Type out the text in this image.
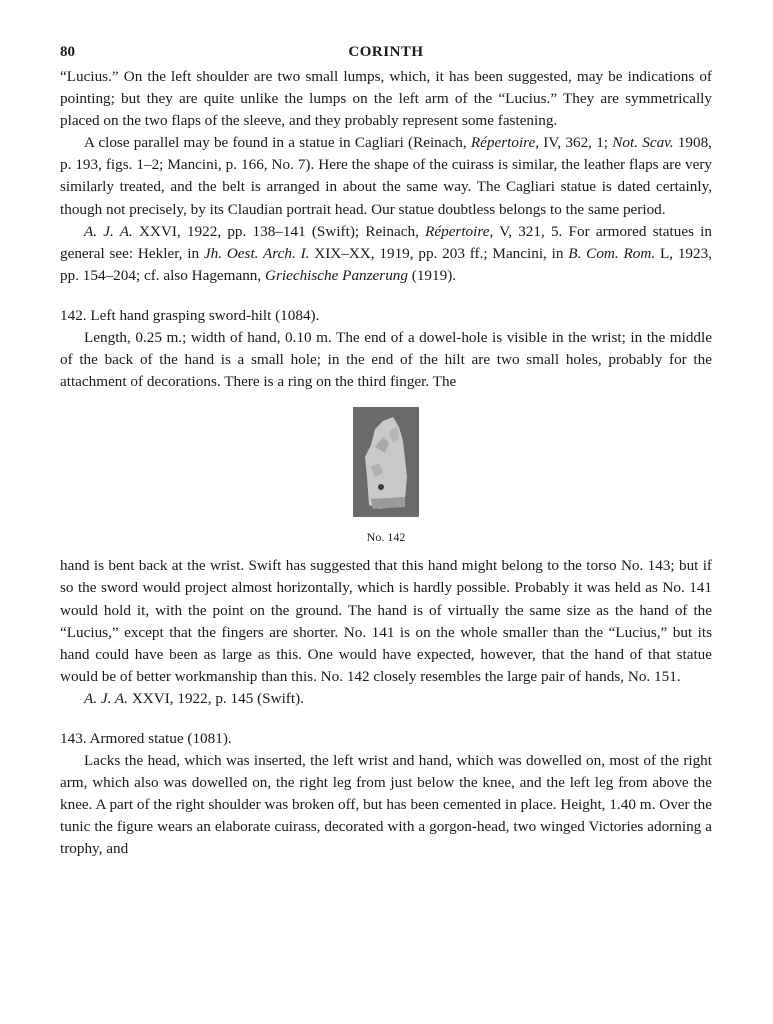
80	CORINTH

“Lucius.” On the left shoulder are two small lumps, which, it has been suggested, may be indications of pointing; but they are quite unlike the lumps on the left arm of the “Lucius.” They are symmetrically placed on the two flaps of the sleeve, and they probably represent some fastening.

A close parallel may be found in a statue in Cagliari (Reinach, Répertoire, IV, 362, 1; Not. Scav. 1908, p. 193, figs. 1–2; Mancini, p. 166, No. 7). Here the shape of the cuirass is similar, the leather flaps are very similarly treated, and the belt is arranged in about the same way. The Cagliari statue is dated certainly, though not precisely, by its Claudian portrait head. Our statue doubtless belongs to the same period.

A. J. A. XXVI, 1922, pp. 138–141 (Swift); Reinach, Répertoire, V, 321, 5. For armored statues in general see: Hekler, in Jh. Oest. Arch. I. XIX–XX, 1919, pp. 203 ff.; Mancini, in B. Com. Rom. L, 1923, pp. 154–204; cf. also Hagemann, Griechische Panzerung (1919).

142. Left hand grasping sword-hilt (1084).

Length, 0.25 m.; width of hand, 0.10 m. The end of a dowel-hole is visible in the wrist; in the middle of the back of the hand is a small hole; in the end of the hilt are two small holes, probably for the attachment of decorations. There is a ring on the third finger. The

No. 142

hand is bent back at the wrist. Swift has suggested that this hand might belong to the torso No. 143; but if so the sword would project almost horizontally, which is hardly possible. Probably it was held as No. 141 would hold it, with the point on the ground. The hand is of virtually the same size as the hand of the “Lucius,” except that the fingers are shorter. No. 141 is on the whole smaller than the “Lucius,” but its hand could have been as large as this. One would have expected, however, that the hand of that statue would be of better workmanship than this. No. 142 closely resembles the large pair of hands, No. 151.

A. J. A. XXVI, 1922, p. 145 (Swift).

143. Armored statue (1081).

Lacks the head, which was inserted, the left wrist and hand, which was dowelled on, most of the right arm, which also was dowelled on, the right leg from just below the knee, and the left leg from above the knee. A part of the right shoulder was broken off, but has been cemented in place. Height, 1.40 m. Over the tunic the figure wears an elaborate cuirass, decorated with a gorgon-head, two winged Victories adorning a trophy, and
